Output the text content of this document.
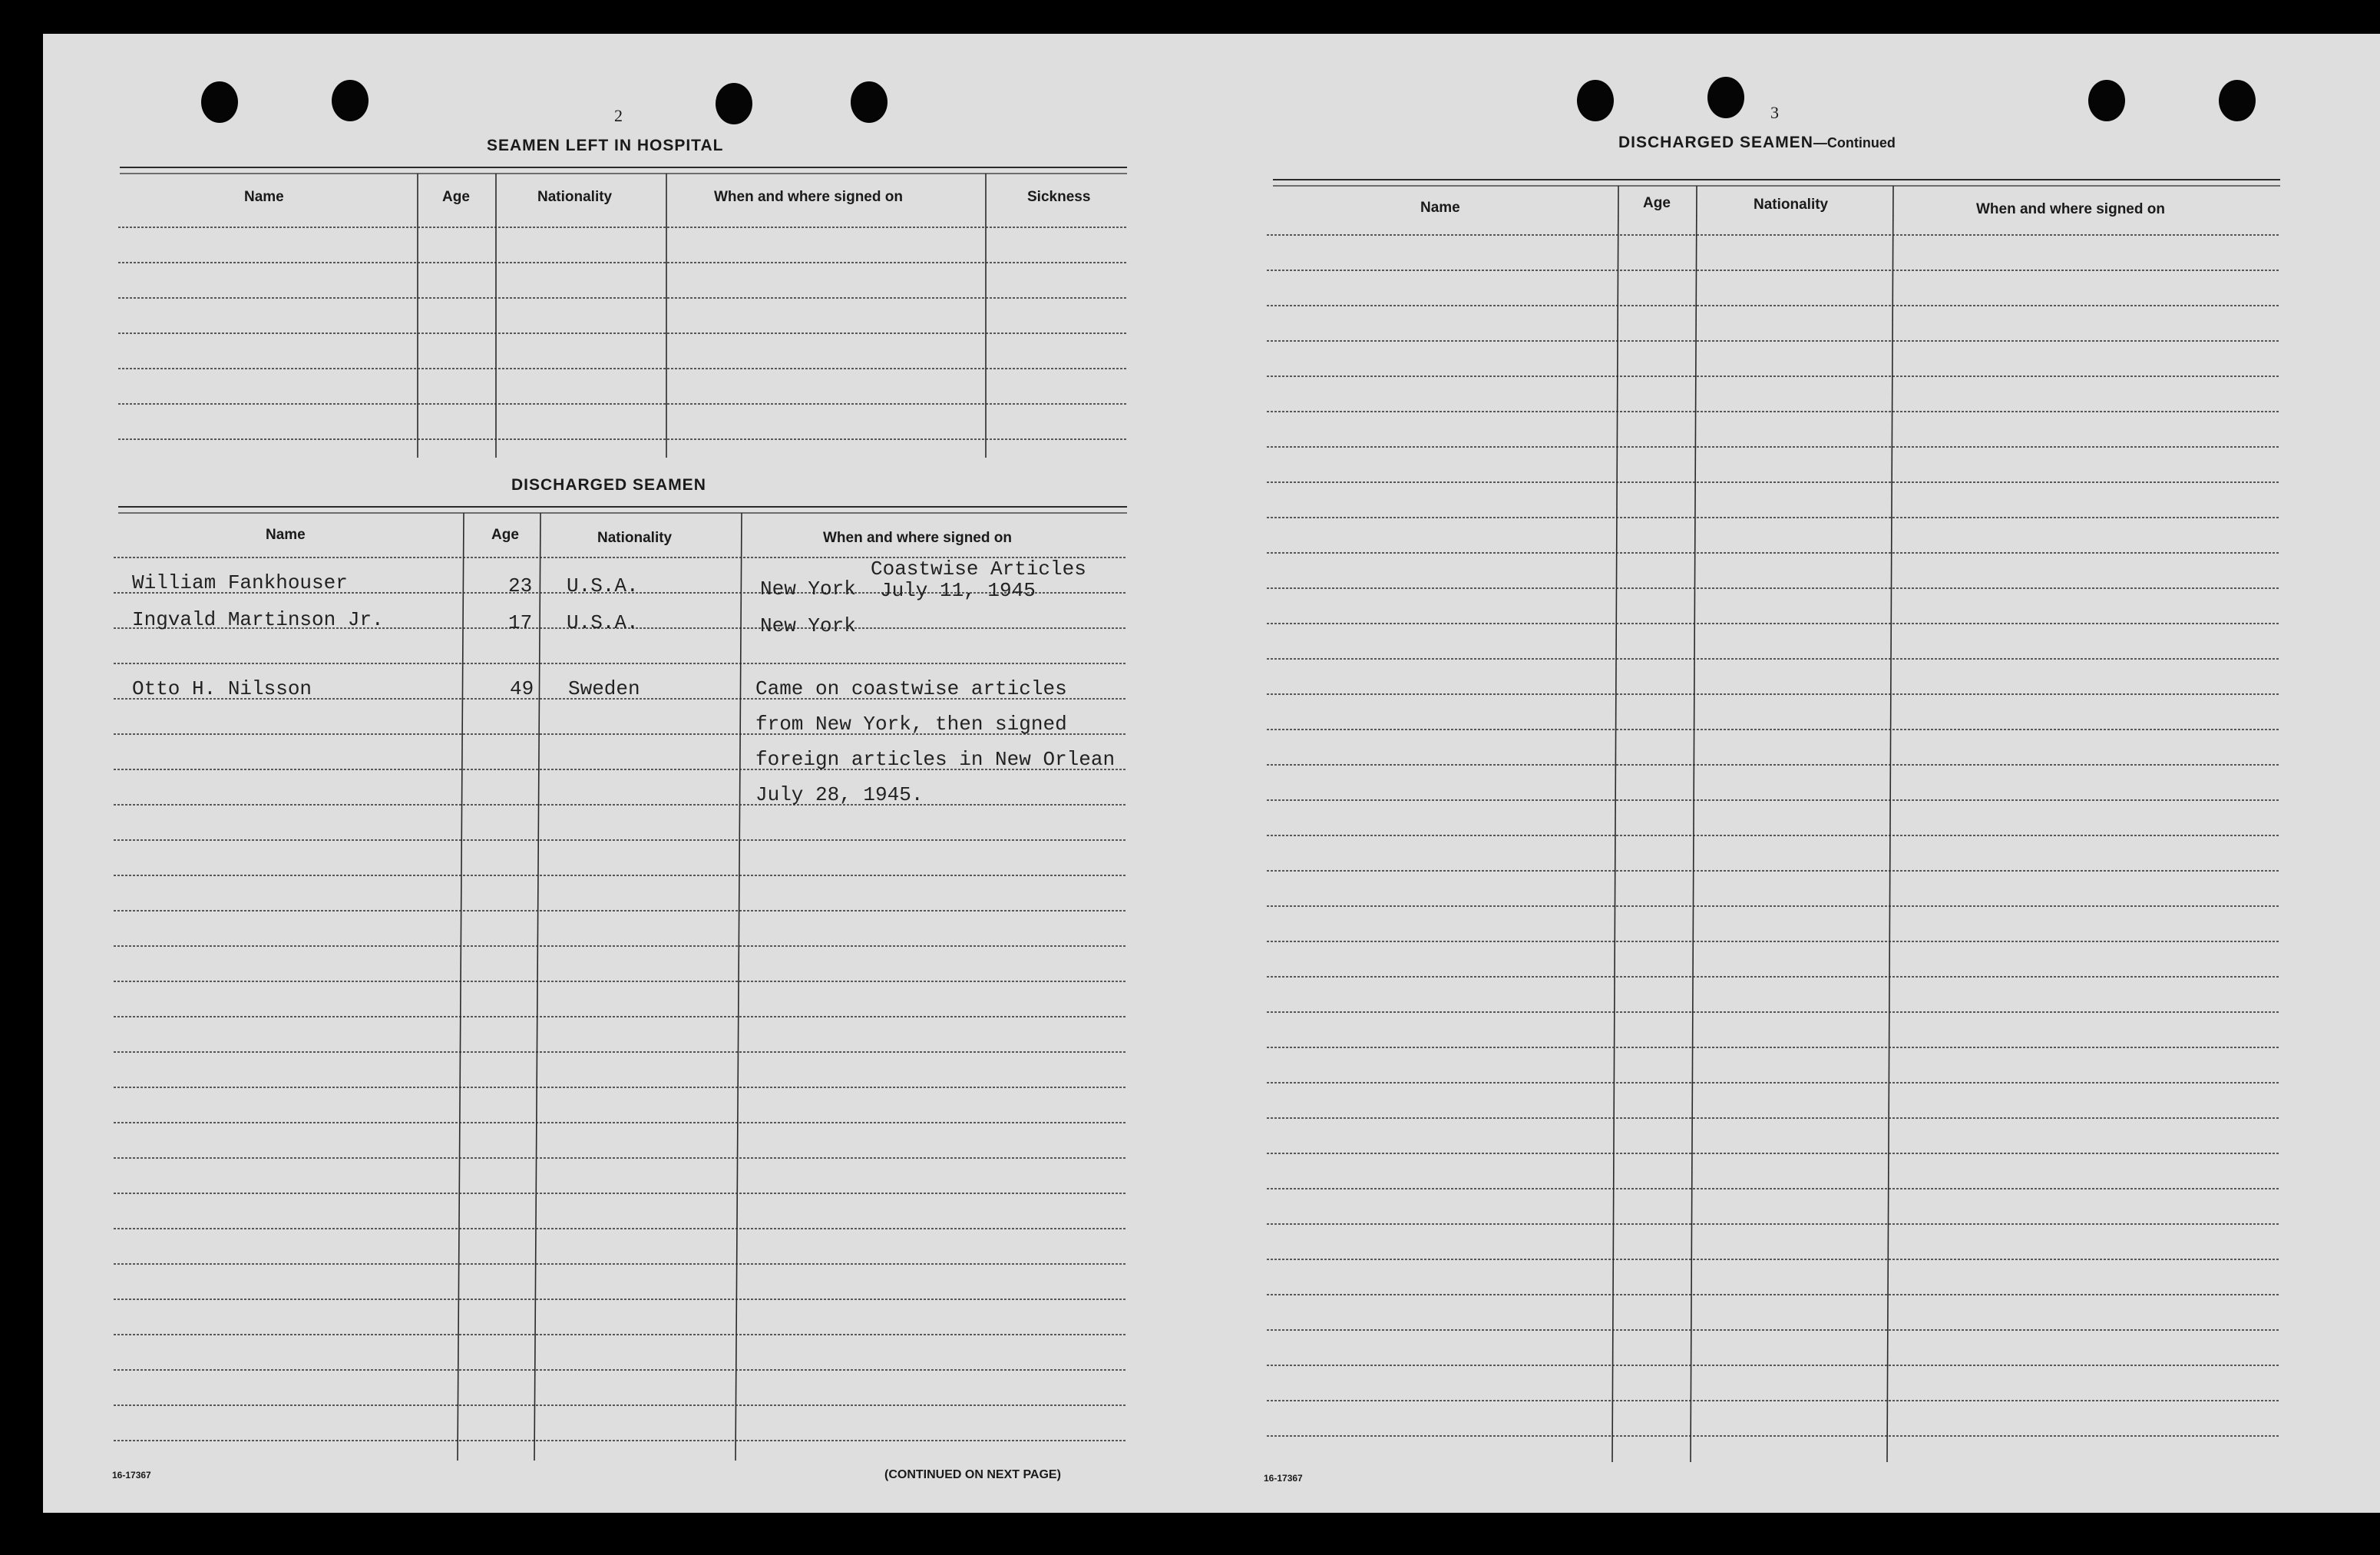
2
SEAMEN LEFT IN HOSPITAL
Name	Age	Nationality	When and where signed on	Sickness
DISCHARGED SEAMEN
Name	Age	Nationality	When and where signed on
William Fankhouser	23 U.S.A.	New York
Coastwise Articles
July 11, 1945
Ingvald Martinson Jr.	17 U.S.A.	New York
Otto H. Nilsson	49 Sweden	Came on coastwise articles
from New York, then signed
foreign articles in New Orlean
July 28, 1945.
16-17367	(CONTINUED ON NEXT PAGE)
3
DISCHARGED SEAMEN—Continued
Name	Age	Nationality	When and where signed on
16-17367
